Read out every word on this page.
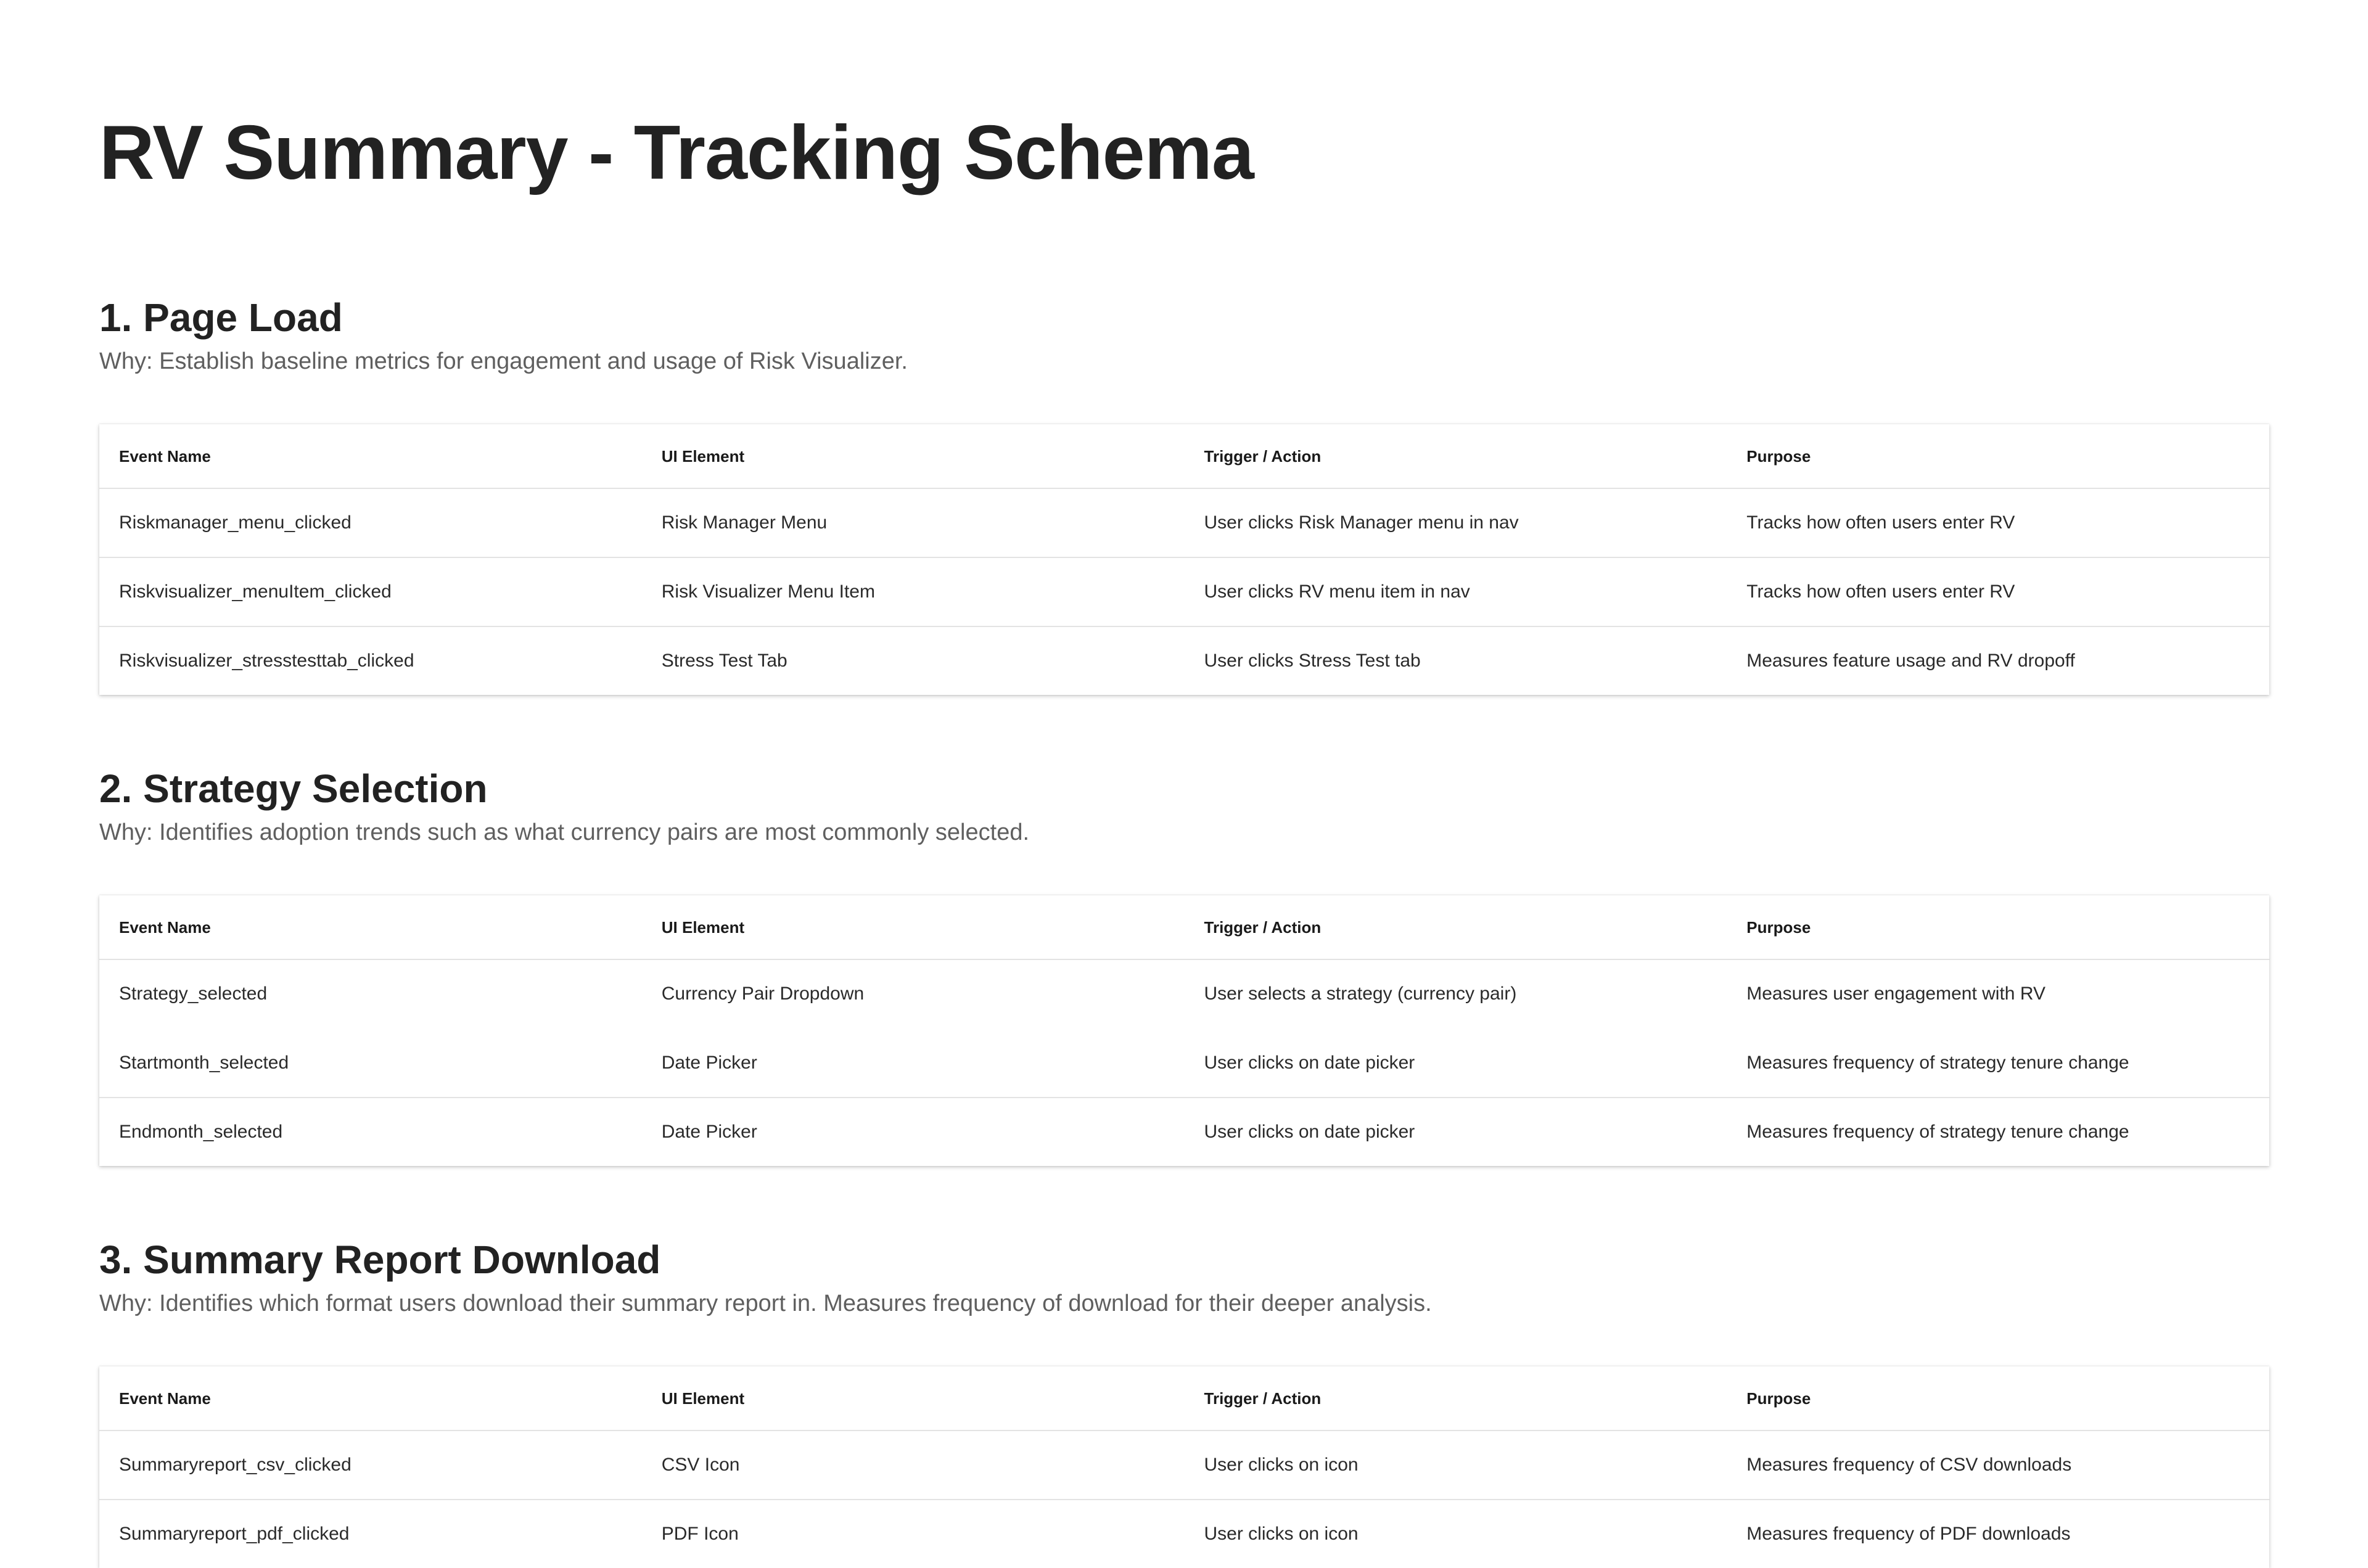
RV Summary - Tracking Schema
1. Page Load

Why: Establish baseline metrics for engagement and usage of Risk Visualizer.

Event Name	UI Element	Trigger / Action	Purpose
Riskmanager_menu_clicked	Risk Manager Menu	User clicks Risk Manager menu in nav	Tracks how often users enter RV
Riskvisualizer_menuItem_clicked	Risk Visualizer Menu Item	User clicks RV menu item in nav	Tracks how often users enter RV
Riskvisualizer_stresstesttab_clicked	Stress Test Tab	User clicks Stress Test tab	Measures feature usage and RV dropoff
2. Strategy Selection

Why: Identifies adoption trends such as what currency pairs are most commonly selected.

Event Name	UI Element	Trigger / Action	Purpose
Strategy_selected	Currency Pair Dropdown	User selects a strategy (currency pair)	Measures user engagement with RV
Startmonth_selected	Date Picker	User clicks on date picker	Measures frequency of strategy tenure change
Endmonth_selected	Date Picker	User clicks on date picker	Measures frequency of strategy tenure change
3. Summary Report Download

Why: Identifies which format users download their summary report in. Measures frequency of download for their deeper analysis.

Event Name	UI Element	Trigger / Action	Purpose
Summaryreport_csv_clicked	CSV Icon	User clicks on icon	Measures frequency of CSV downloads
Summaryreport_pdf_clicked	PDF Icon	User clicks on icon	Measures frequency of PDF downloads
